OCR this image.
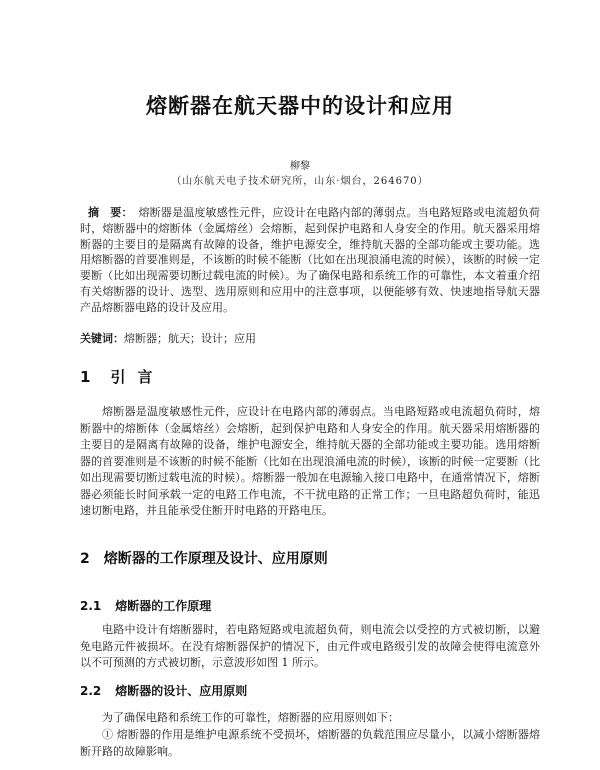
熔断器在航天器中的设计和应用
柳黎
（山东航天电子技术研究所，山东·烟台，264670）
摘　要： 熔断器是温度敏感性元件，应设计在电路内部的薄弱点。当电路短路或电流超负荷时，熔断器中的熔断体（金属熔丝）会熔断，起到保护电路和人身安全的作用。航天器采用熔断器的主要目的是隔离有故障的设备，维护电源安全，维持航天器的全部功能或主要功能。选用熔断器的首要准则是，不该断的时候不能断（比如在出现浪涌电流的时候），该断的时候一定要断（比如出现需要切断过载电流的时候）。为了确保电路和系统工作的可靠性，本文着重介绍有关熔断器的设计、选型、选用原则和应用中的注意事项，以便能够有效、快速地指导航天器产品熔断器电路的设计及应用。
关键词：熔断器；航天；设计；应用
1 引言
熔断器是温度敏感性元件，应设计在电路内部的薄弱点。当电路短路或电流超负荷时，熔断器中的熔断体（金属熔丝）会熔断，起到保护电路和人身安全的作用。航天器采用熔断器的主要目的是隔离有故障的设备，维护电源安全，维持航天器的全部功能或主要功能。选用熔断器的首要准则是不该断的时候不能断（比如在出现浪涌电流的时候），该断的时候一定要断（比如出现需要切断过载电流的时候）。熔断器一般加在电源输入接口电路中，在通常情况下，熔断器必须能长时间承载一定的电路工作电流，不干扰电路的正常工作；一旦电路超负荷时，能迅速切断电路，并且能承受住断开时电路的开路电压。
2 熔断器的工作原理及设计、应用原则
2.1 熔断器的工作原理
电路中设计有熔断器时，若电路短路或电流超负荷，则电流会以受控的方式被切断，以避免电路元件被损坏。在没有熔断器保护的情况下，由元件或电路级引发的故障会使得电流意外以不可预测的方式被切断，示意波形如图 1 所示。
2.2 熔断器的设计、应用原则
为了确保电路和系统工作的可靠性，熔断器的应用原则如下：
① 熔断器的作用是维护电源系统不受损坏，熔断器的负载范围应尽量小，以减小熔断器熔断开路的故障影响。
